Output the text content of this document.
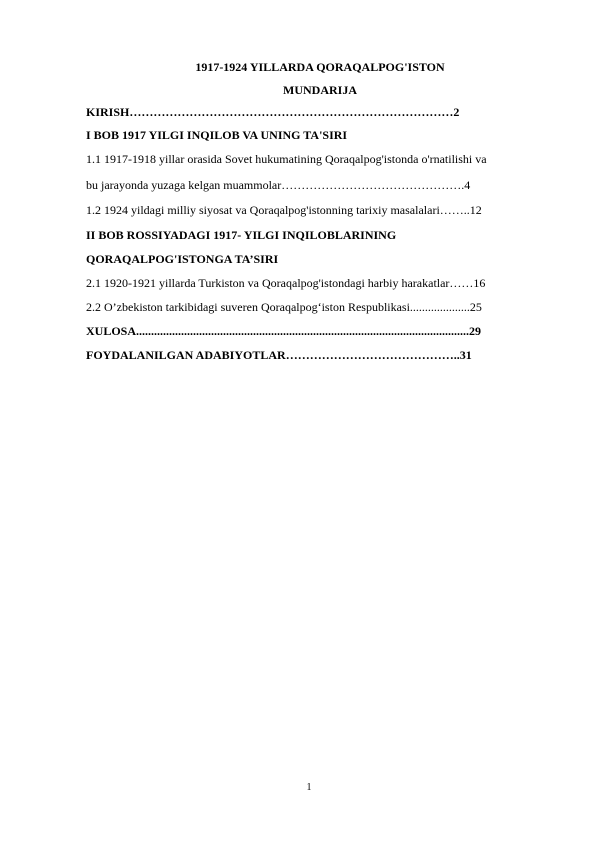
1917-1924 YILLARDA QORAQALPOG'ISTON
MUNDARIJA
KIRISH………………………………………………………………………2
I BOB 1917 YILGI INQILOB VA UNING TA'SIRI
1.1 1917-1918 yillar orasida Sovet hukumatining Qoraqalpog'istonda o'rnatilishi va
bu jarayonda yuzaga kelgan muammolar……………………………………….4
1.2 1924 yildagi milliy siyosat va Qoraqalpog'istonning tarixiy masalalari……..12
II BOB ROSSIYADAGI 1917- YILGI INQILOBLARINING
QORAQALPOG'ISTONGA TA’SIRI
2.1 1920-1921 yillarda Turkiston va Qoraqalpog'istondagi harbiy harakatlar……16
2.2 O’zbekiston tarkibidagi suveren Qoraqalpog‘iston Respublikasi....................25
XULOSA...............................................................................................................29
FOYDALANILGAN ADABIYOTLAR……………………………………..31
1
